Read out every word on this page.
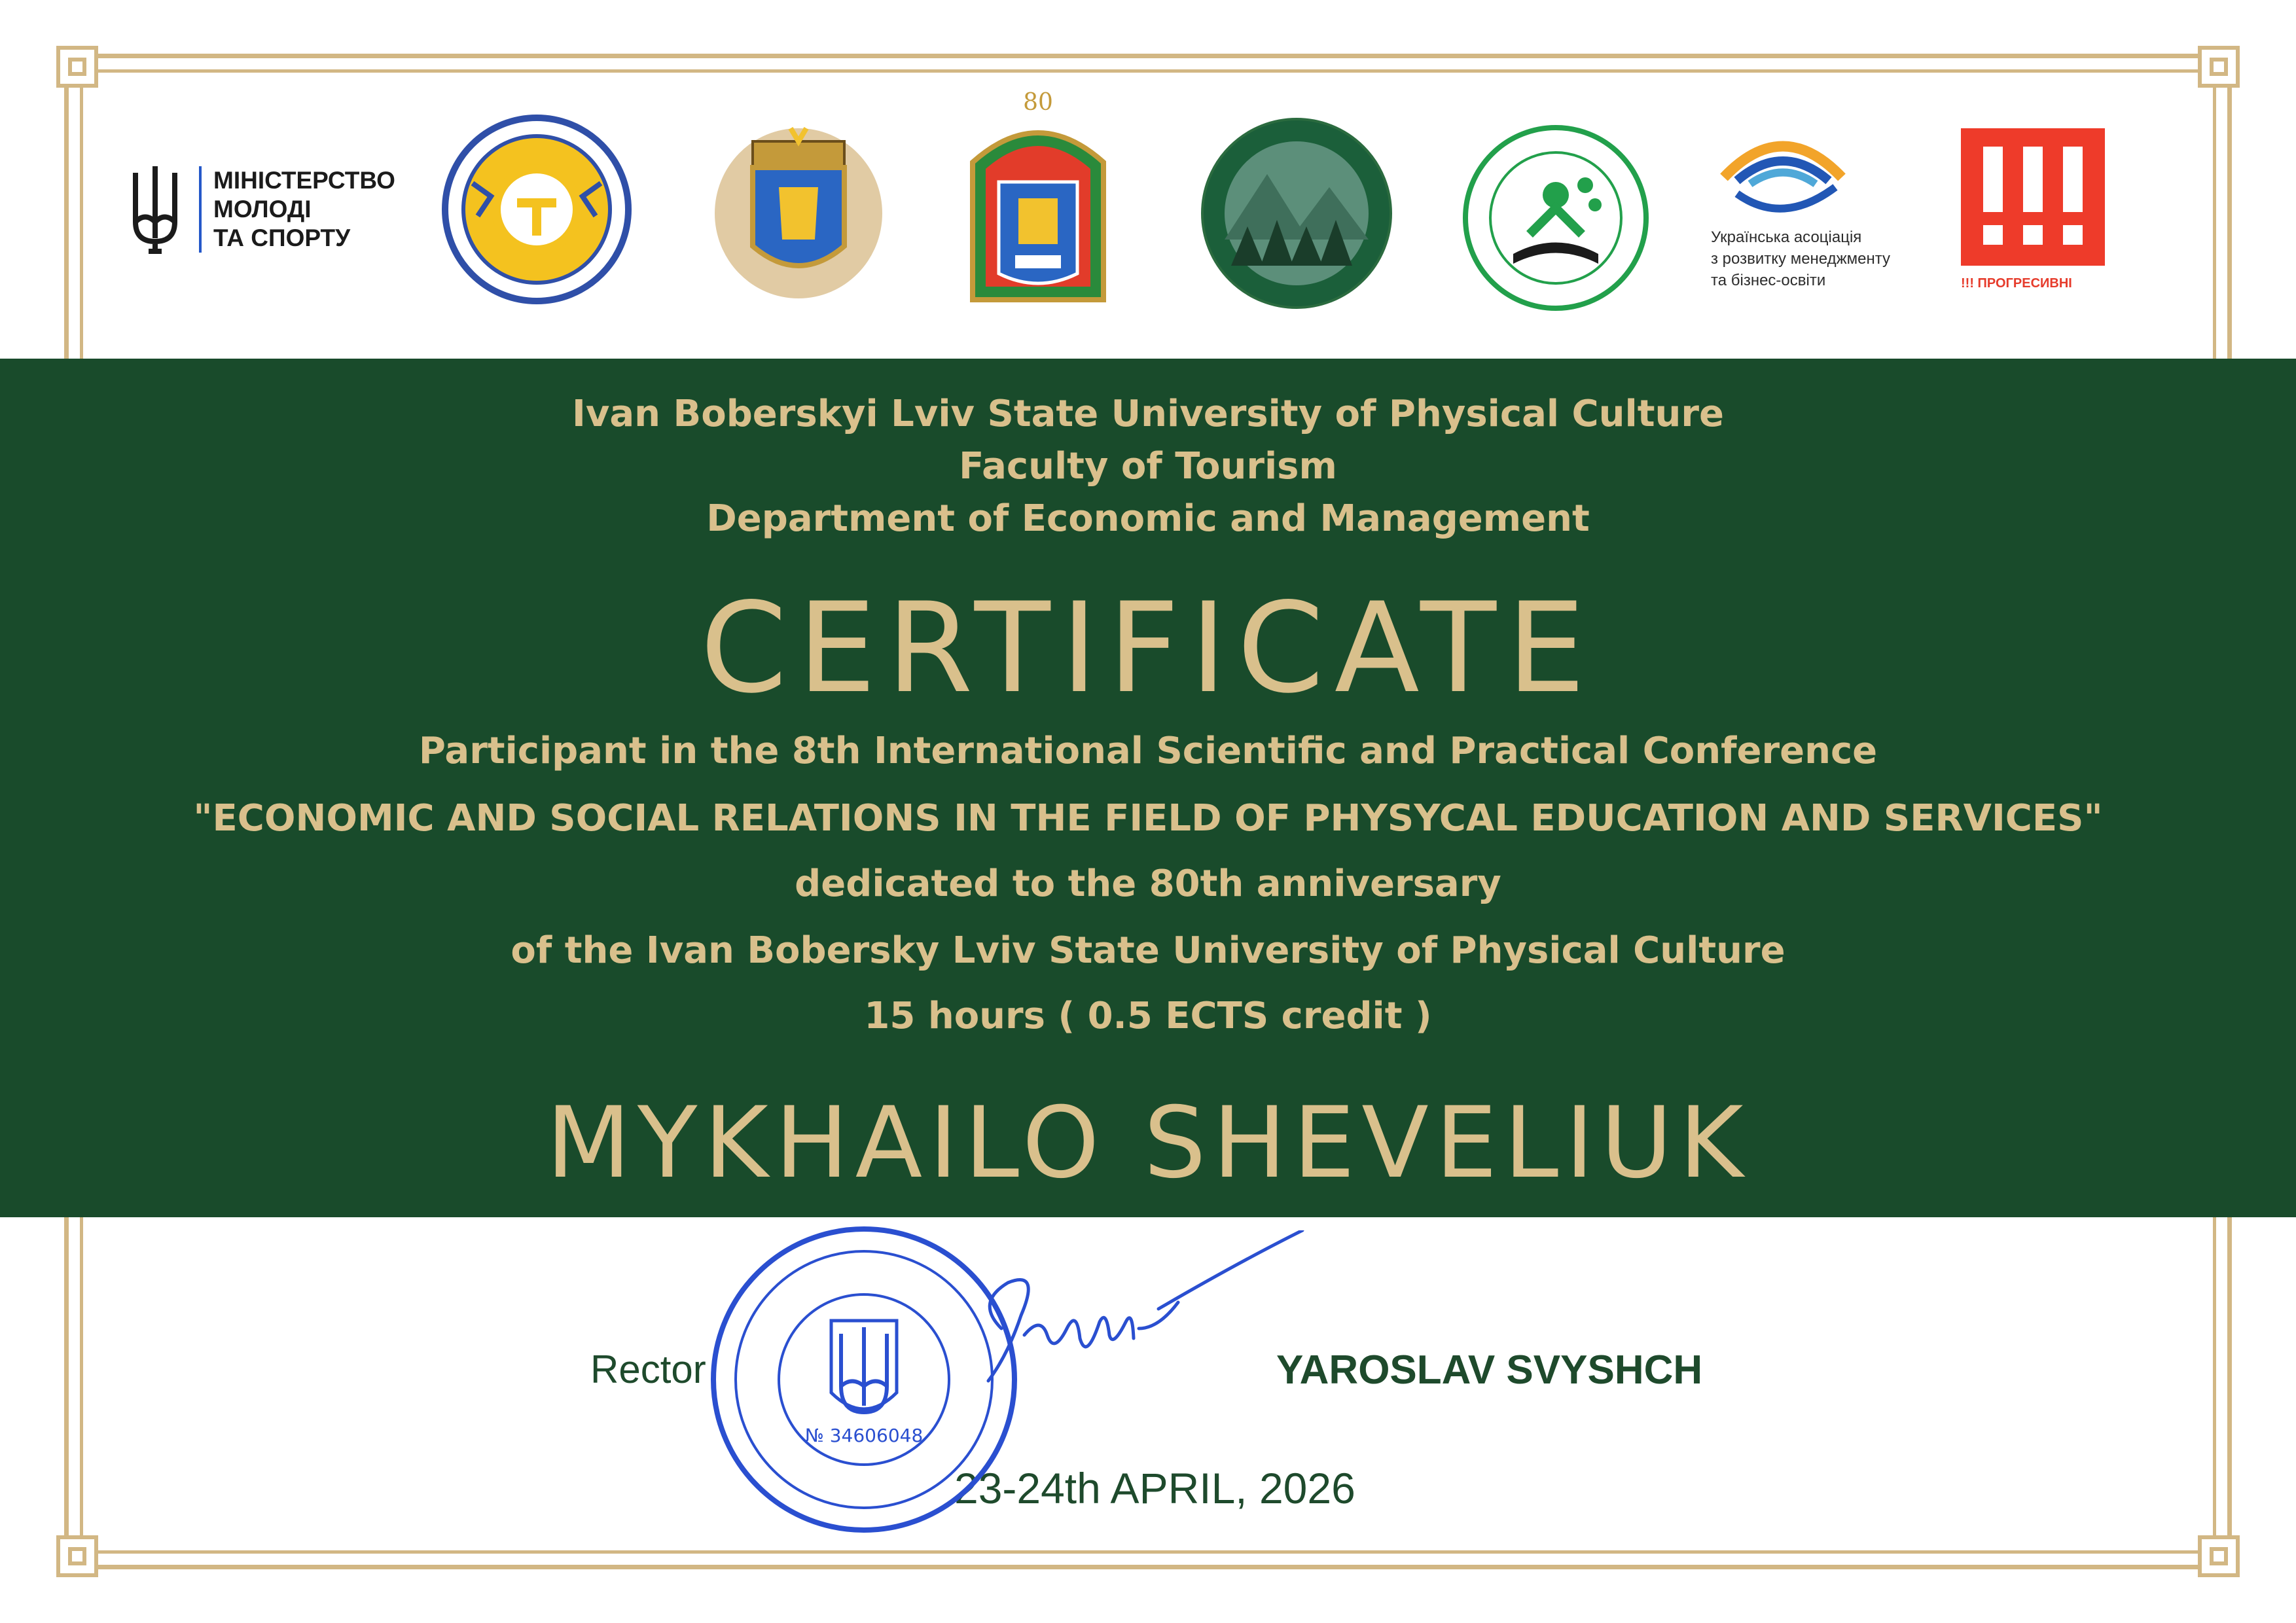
МІНІСТЕРСТВО
МОЛОДІ
ТА СПОРТУ
80
Українська асоціація
з розвитку менеджменту
та бізнес-освіти	!!! ПРОГРЕСИВНІ
Ivan Boberskyi Lviv State University of Physical Culture
Faculty of Tourism
Department of Economic and Management
CERTIFICATE
Participant in the 8th International Scientific and Practical Conference
"ECONOMIC AND SOCIAL RELATIONS IN THE FIELD OF PHYSYCAL EDUCATION AND SERVICES"
dedicated to the 80th anniversary
of the Ivan Bobersky Lviv State University of Physical Culture
15 hours ( 0.5 ECTS credit )
MYKHAILO SHEVELIUK
Rector	YAROSLAV SVYSHCH
23-24th APRIL, 2026
№ 34606048
